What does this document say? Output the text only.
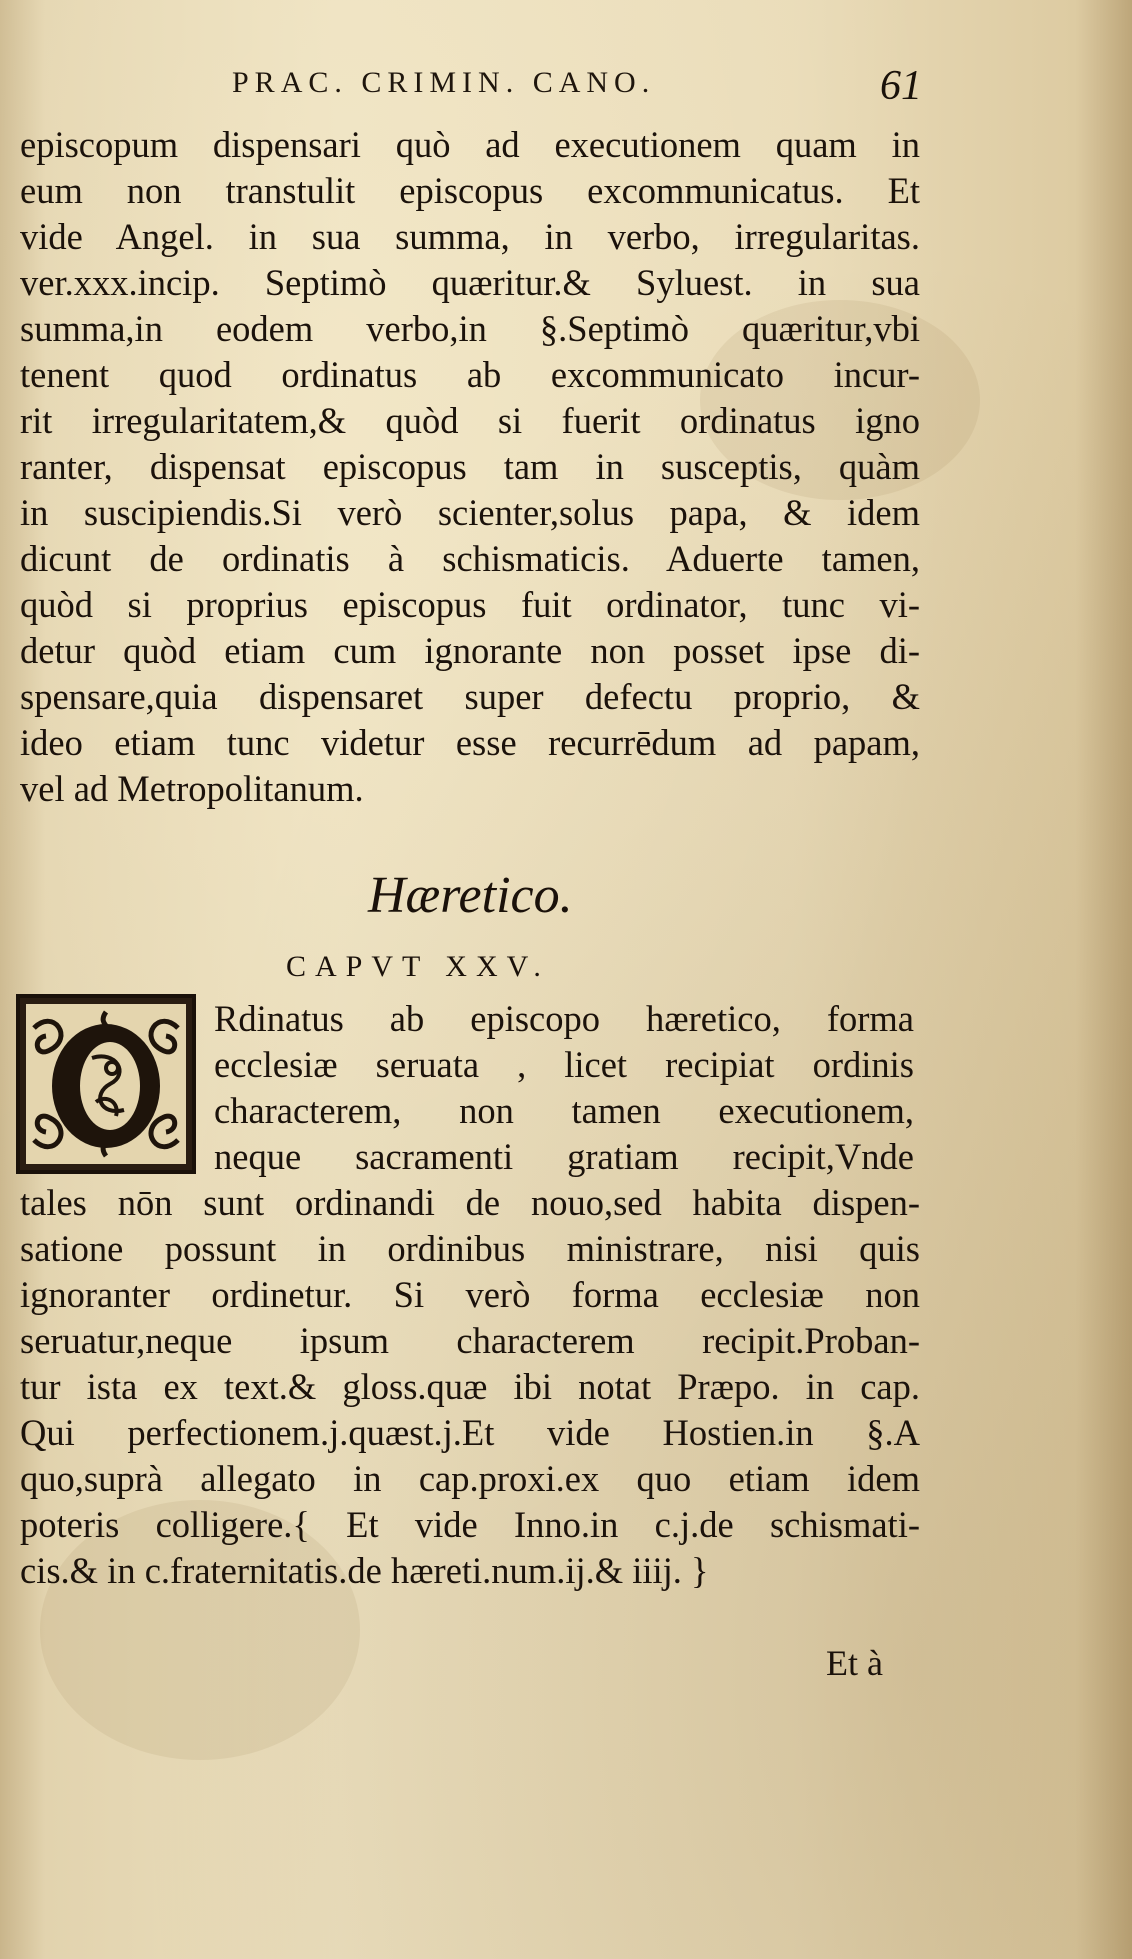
PRAC. CRIMIN. CANO.	61
episcopum dispensari quò ad executionem quam in
eum non transtulit episcopus excommunicatus. Et
vide Angel. in sua summa, in verbo, irregularitas.
ver.xxx.incip. Septimò quæritur.& Syluest. in sua
summa,in eodem verbo,in §.Septimò quæritur,vbi
tenent quod ordinatus ab excommunicato incur-
rit irregularitatem,& quòd si fuerit ordinatus igno
ranter, dispensat episcopus tam in susceptis, quàm
in suscipiendis.Si verò scienter,solus papa, & idem
dicunt de ordinatis à schismaticis. Aduerte tamen,
quòd si proprius episcopus fuit ordinator, tunc vi-
detur quòd etiam cum ignorante non posset ipse di-
spensare,quia dispensaret super defectu proprio, &
ideo etiam tunc videtur esse recurrēdum ad papam,
vel ad Metropolitanum.
Hæretico.
CAPVT XXV.
Rdinatus ab episcopo hæretico, forma
ecclesiæ seruata , licet recipiat ordinis
characterem, non tamen executionem,
neque sacramenti gratiam recipit,Vnde
tales nōn sunt ordinandi de nouo,sed habita dispen-
satione possunt in ordinibus ministrare, nisi quis
ignoranter ordinetur. Si verò forma ecclesiæ non
seruatur,neque ipsum characterem recipit.Proban-
tur ista ex text.& gloss.quæ ibi notat Præpo. in cap.
Qui perfectionem.j.quæst.j.Et vide Hostien.in §.A
quo,suprà allegato in cap.proxi.ex quo etiam idem
poteris colligere.{ Et vide Inno.in c.j.de schismati-
cis.& in c.fraternitatis.de hæreti.num.ij.& iiij. }
Et à
